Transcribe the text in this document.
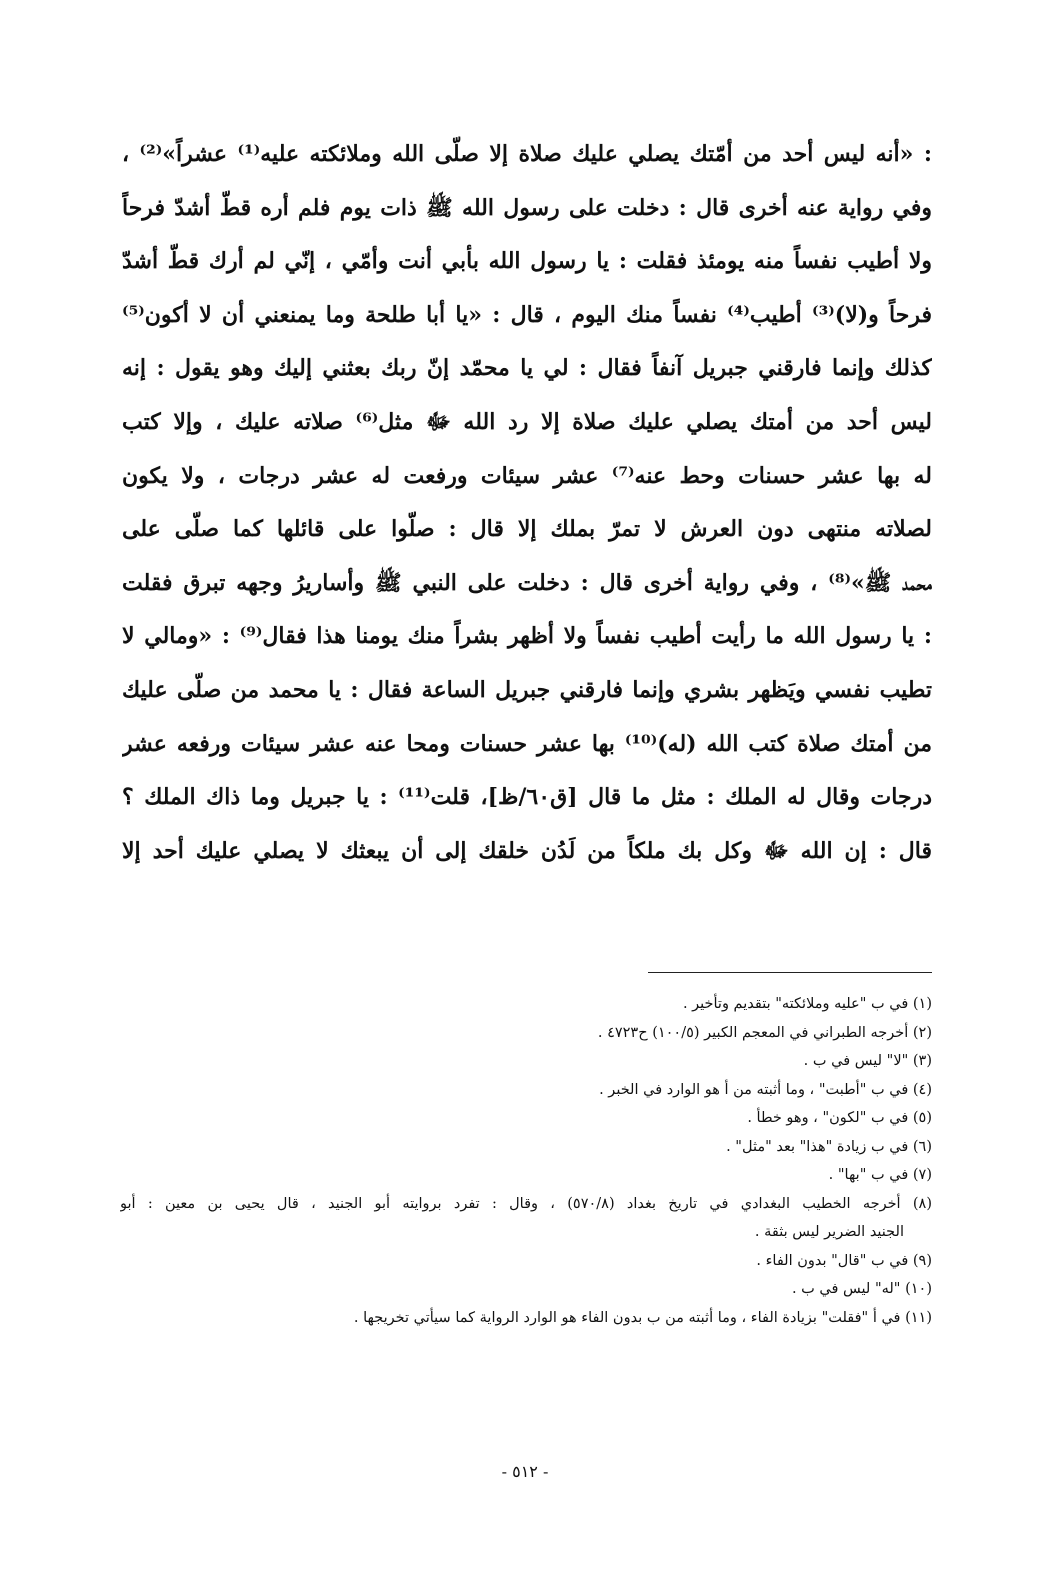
: «أنه ليس أحد من أمّتك يصلي عليك صلاة إلا صلّى الله وملائكته عليه⁽¹⁾ عشراً»⁽²⁾ ،
وفي رواية عنه أخرى قال : دخلت على رسول الله ﷺ ذات يوم فلم أره قطّ أشدّ فرحاً
ولا أطيب نفساً منه يومئذ فقلت : يا رسول الله بأبي أنت وأمّي ، إنّي لم أرك قطّ أشدّ
فرحاً و(لا)⁽³⁾ أطيب⁽⁴⁾ نفساً منك اليوم ، قال : «يا أبا طلحة وما يمنعني أن لا أكون⁽⁵⁾
كذلك وإنما فارقني جبريل آنفاً فقال : لي يا محمّد إنّ ربك بعثني إليك وهو يقول : إنه
ليس أحد من أمتك يصلي عليك صلاة إلا رد الله ﷻ مثل⁽⁶⁾ صلاته عليك ، وإلا كتب
له بها عشر حسنات وحط عنه⁽⁷⁾ عشر سيئات ورفعت له عشر درجات ، ولا يكون
لصلاته منتهى دون العرش لا تمرّ بملك إلا قال : صلّوا على قائلها كما صلّى على
محمد ﷺ»⁽⁸⁾ ، وفي رواية أخرى قال : دخلت على النبي ﷺ وأساريرُ وجهه تبرق فقلت
: يا رسول الله ما رأيت أطيب نفساً ولا أظهر بشراً منك يومنا هذا فقال⁽⁹⁾ : «ومالي لا
تطيب نفسي ويَظهر بشري وإنما فارقني جبريل الساعة فقال : يا محمد من صلّى عليك
من أمتك صلاة كتب الله (له)⁽¹⁰⁾ بها عشر حسنات ومحا عنه عشر سيئات ورفعه عشر
درجات وقال له الملك : مثل ما قال [ق٦٠/ظ]، قلت⁽¹¹⁾ : يا جبريل وما ذاك الملك ؟
قال : إن الله ﷻ وكل بك ملكاً من لَدُن خلقك إلى أن يبعثك لا يصلي عليك أحد إلا
(١) في ب "عليه وملائكته" بتقديم وتأخير .
(٢) أخرجه الطبراني في المعجم الكبير (١٠٠/٥) ح٤٧٢٣ .
(٣) "لا" ليس في ب .
(٤) في ب "أطبت" ، وما أثبته من أ هو الوارد في الخبر .
(٥) في ب "لكون" ، وهو خطأ .
(٦) في ب زيادة "هذا" بعد "مثل" .
(٧) في ب "بها" .
(٨) أخرجه الخطيب البغدادي في تاريخ بغداد (٥٧٠/٨) ، وقال : تفرد بروايته أبو الجنيد ، قال يحيى بن معين : أبو
الجنيد الضرير ليس بثقة .
(٩) في ب "قال" بدون الفاء .
(١٠) "له" ليس في ب .
(١١) في أ "فقلت" بزيادة الفاء ، وما أثبته من ب بدون الفاء هو الوارد الرواية كما سيأتي تخريجها .
- ٥١٢ -
